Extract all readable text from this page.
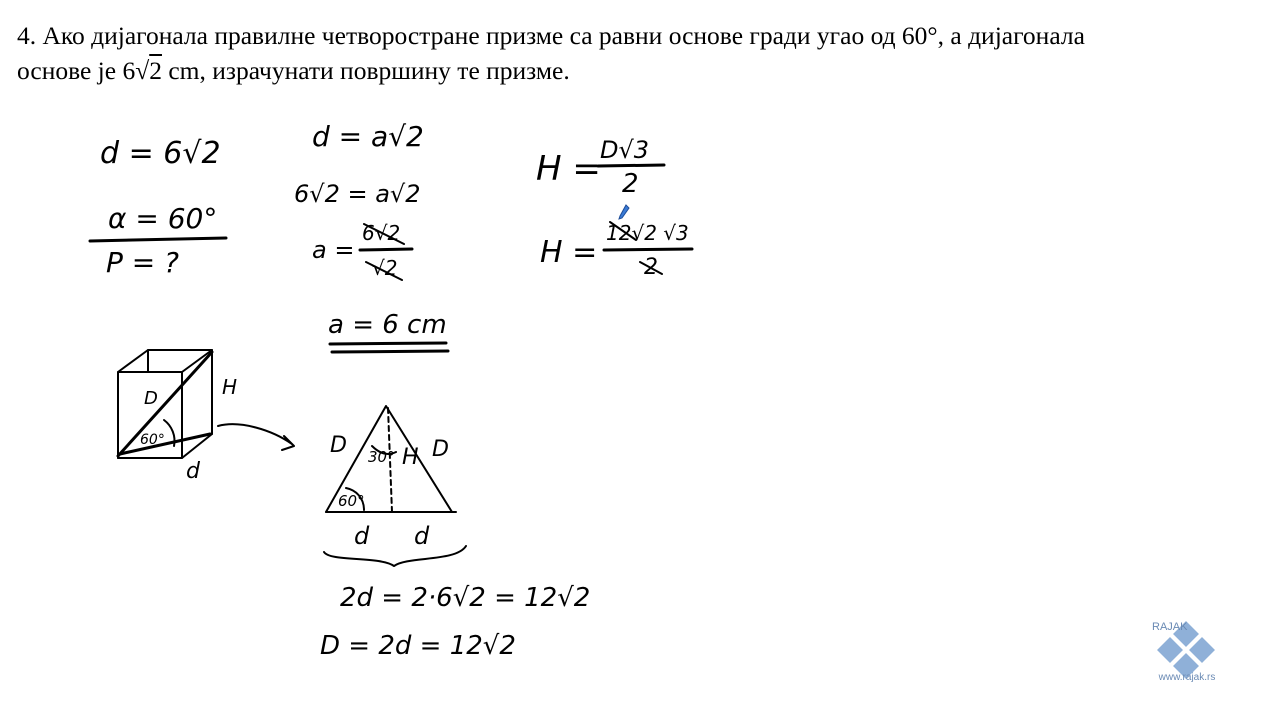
4. Ако дијагонала правилне четворостране призме са равни основе гради угао од 60°, а дијагонала
основе је 6√2 cm, израчунати површину те призме.
d = 6√2
α = 60°
P = ?
d = a√2
6√2 = a√2
a =
6√2
√2
a = 6 cm
H = D√3
2
H =
12√2 √3
2
D	H
60°
d
D	D
H
30°
60°
d d
2d = 2·6√2 = 12√2
D = 2d = 12√2
RAJAK
www.rajak.rs
